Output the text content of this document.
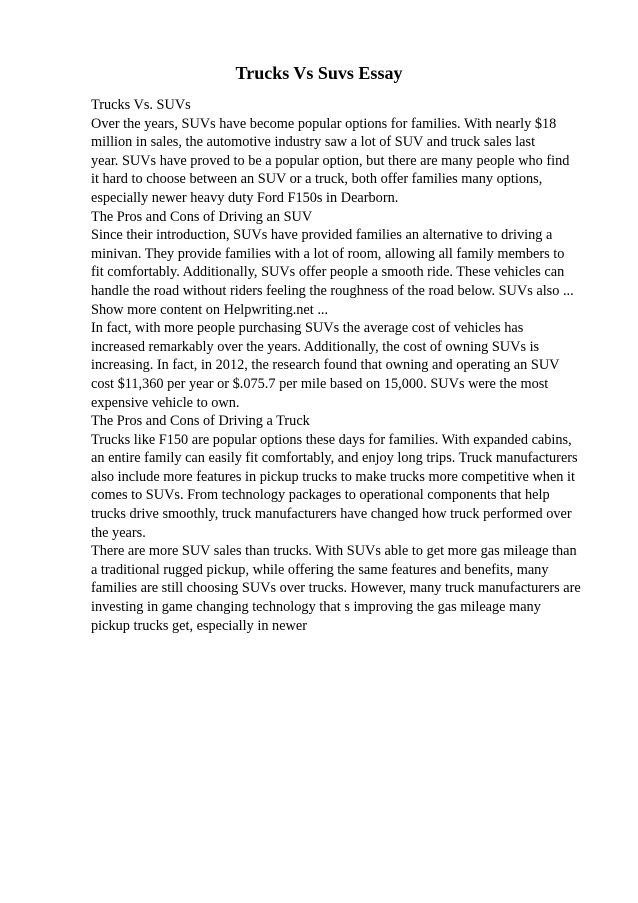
Trucks Vs Suvs Essay
Trucks Vs. SUVs
Over the years, SUVs have become popular options for families. With nearly $18
million in sales, the automotive industry saw a lot of SUV and truck sales last
year. SUVs have proved to be a popular option, but there are many people who find
it hard to choose between an SUV or a truck, both offer families many options,
especially newer heavy duty Ford F150s in Dearborn.
The Pros and Cons of Driving an SUV
Since their introduction, SUVs have provided families an alternative to driving a
minivan. They provide families with a lot of room, allowing all family members to
fit comfortably. Additionally, SUVs offer people a smooth ride. These vehicles can
handle the road without riders feeling the roughness of the road below. SUVs also ...
Show more content on Helpwriting.net ...
In fact, with more people purchasing SUVs the average cost of vehicles has
increased remarkably over the years. Additionally, the cost of owning SUVs is
increasing. In fact, in 2012, the research found that owning and operating an SUV
cost $11,360 per year or $.075.7 per mile based on 15,000. SUVs were the most
expensive vehicle to own.
The Pros and Cons of Driving a Truck
Trucks like F150 are popular options these days for families. With expanded cabins,
an entire family can easily fit comfortably, and enjoy long trips. Truck manufacturers
also include more features in pickup trucks to make trucks more competitive when it
comes to SUVs. From technology packages to operational components that help
trucks drive smoothly, truck manufacturers have changed how truck performed over
the years.
There are more SUV sales than trucks. With SUVs able to get more gas mileage than
a traditional rugged pickup, while offering the same features and benefits, many
families are still choosing SUVs over trucks. However, many truck manufacturers are
investing in game changing technology that s improving the gas mileage many
pickup trucks get, especially in newer
